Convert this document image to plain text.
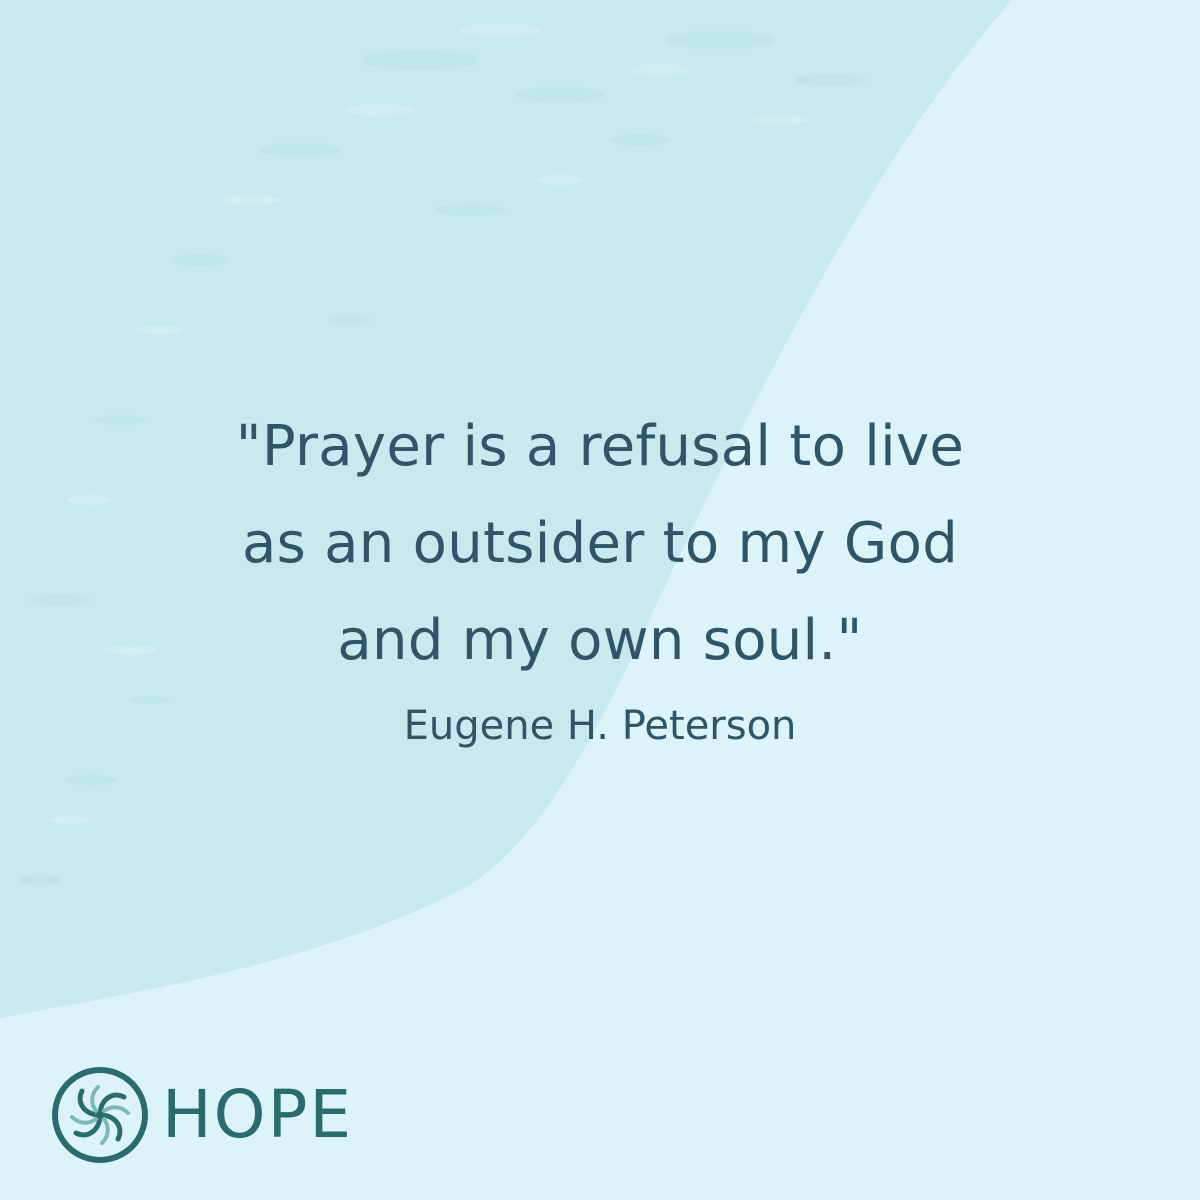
"Prayer is a refusal to live
as an outsider to my God
and my own soul."

Eugene H. Peterson

HOPE
